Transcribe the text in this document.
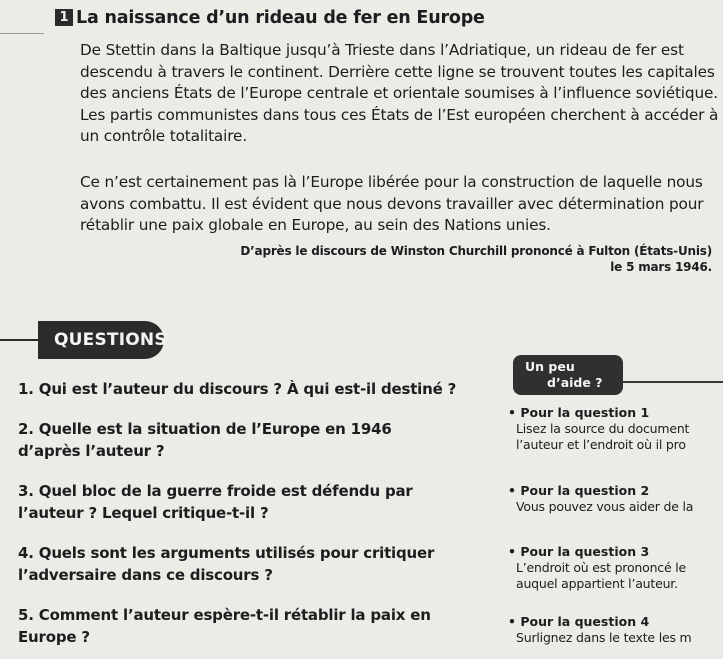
1 La naissance d’un rideau de fer en Europe
De Stettin dans la Baltique jusqu’à Trieste dans l’Adriatique, un rideau de fer est descendu à travers le continent. Derrière cette ligne se trouvent toutes les capitales des anciens États de l’Europe centrale et orientale soumises à l’influence soviétique. Les partis communistes dans tous ces États de l’Est européen cherchent à accéder à un contrôle totalitaire.
Ce n’est certainement pas là l’Europe libérée pour la construction de laquelle nous avons combattu. Il est évident que nous devons travailler avec détermination pour rétablir une paix globale en Europe, au sein des Nations unies.
D’après le discours de Winston Churchill prononcé à Fulton (États-Unis)
le 5 mars 1946.
QUESTIONS
1. Qui est l’auteur du discours ? À qui est-il destiné ?
2. Quelle est la situation de l’Europe en 1946 d’après l’auteur ?
3. Quel bloc de la guerre froide est défendu par l’auteur ? Lequel critique-t-il ?
4. Quels sont les arguments utilisés pour critiquer l’adversaire dans ce discours ?
5. Comment l’auteur espère-t-il rétablir la paix en Europe ?
Un peu
d’aide ?
• Pour la question 1
Lisez la source du document
l’auteur et l’endroit où il pro
• Pour la question 2
Vous pouvez vous aider de la
• Pour la question 3
L’endroit où est prononcé le
auquel appartient l’auteur.
• Pour la question 4
Surlignez dans le texte les m
